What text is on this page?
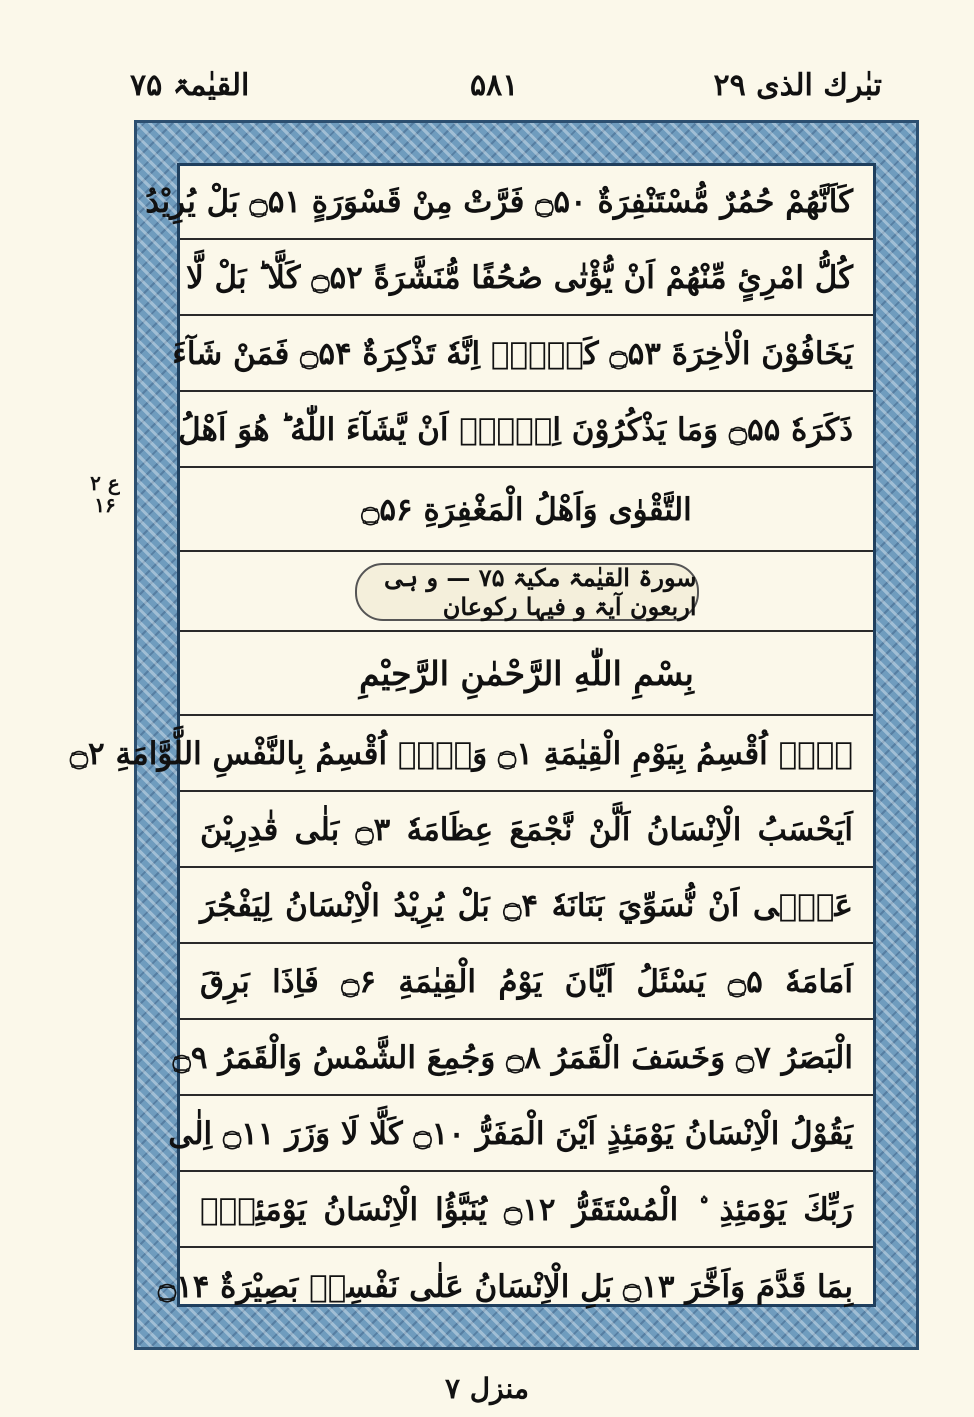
تبٰرك الذی ۲۹
۵۸۱
القیٰمۃ ۷۵
ع ۲ ۱۶
كَاَنَّهُمْ حُمُرٌ مُّسْتَنْفِرَةٌ ۝۵۰ فَرَّتْ مِنْ قَسْوَرَةٍ ۝۵۱ بَلْ يُرِيْدُ
كُلُّ امْرِئٍ مِّنْهُمْ اَنْ يُّؤْتٰى صُحُفًا مُّنَشَّرَةً ۝۵۲ كَلَّا ؕ بَلْ لَّا
يَخَافُوْنَ الْاٰخِرَةَ ۝۵۳ كَلَّاۤ اِنَّهٗ تَذْكِرَةٌ ۝۵۴ فَمَنْ شَآءَ
ذَكَرَهٗ ۝۵۵ وَمَا يَذْكُرُوْنَ اِلَّاۤ اَنْ يَّشَآءَ اللّٰهُ ؕ هُوَ اَهْلُ
التَّقْوٰى وَاَهْلُ الْمَغْفِرَةِ ۝۵۶
سورۃ القیٰمۃ مکیۃ ۷۵ — و ہی اربعون آیۃ و فیہا رکوعان
بِسْمِ اللّٰهِ الرَّحْمٰنِ الرَّحِيْمِ
لَاۤ اُقْسِمُ بِيَوْمِ الْقِيٰمَةِ ۝۱ وَلَاۤ اُقْسِمُ بِالنَّفْسِ اللَّوَّامَةِ ۝۲
اَيَحْسَبُ الْاِنْسَانُ اَلَّنْ نَّجْمَعَ عِظَامَهٗ ۝۳ بَلٰى قٰدِرِيْنَ
عَلٰۤى اَنْ نُّسَوِّيَ بَنَانَهٗ ۝۴ بَلْ يُرِيْدُ الْاِنْسَانُ لِيَفْجُرَ
اَمَامَهٗ ۝۵ يَسْئَلُ اَيَّانَ يَوْمُ الْقِيٰمَةِ ۝۶ فَاِذَا بَرِقَ
الْبَصَرُ ۝۷ وَخَسَفَ الْقَمَرُ ۝۸ وَجُمِعَ الشَّمْسُ وَالْقَمَرُ ۝۹
يَقُوْلُ الْاِنْسَانُ يَوْمَئِذٍ اَيْنَ الْمَفَرُّ ۝۱۰ كَلَّا لَا وَزَرَ ۝۱۱ اِلٰى
رَبِّكَ يَوْمَئِذِ ۨ الْمُسْتَقَرُّ ۝۱۲ يُنَبَّؤُا الْاِنْسَانُ يَوْمَئِذٍۢ
بِمَا قَدَّمَ وَاَخَّرَ ۝۱۳ بَلِ الْاِنْسَانُ عَلٰى نَفْسِهٖ بَصِيْرَةٌ ۝۱۴
منزل ۷
